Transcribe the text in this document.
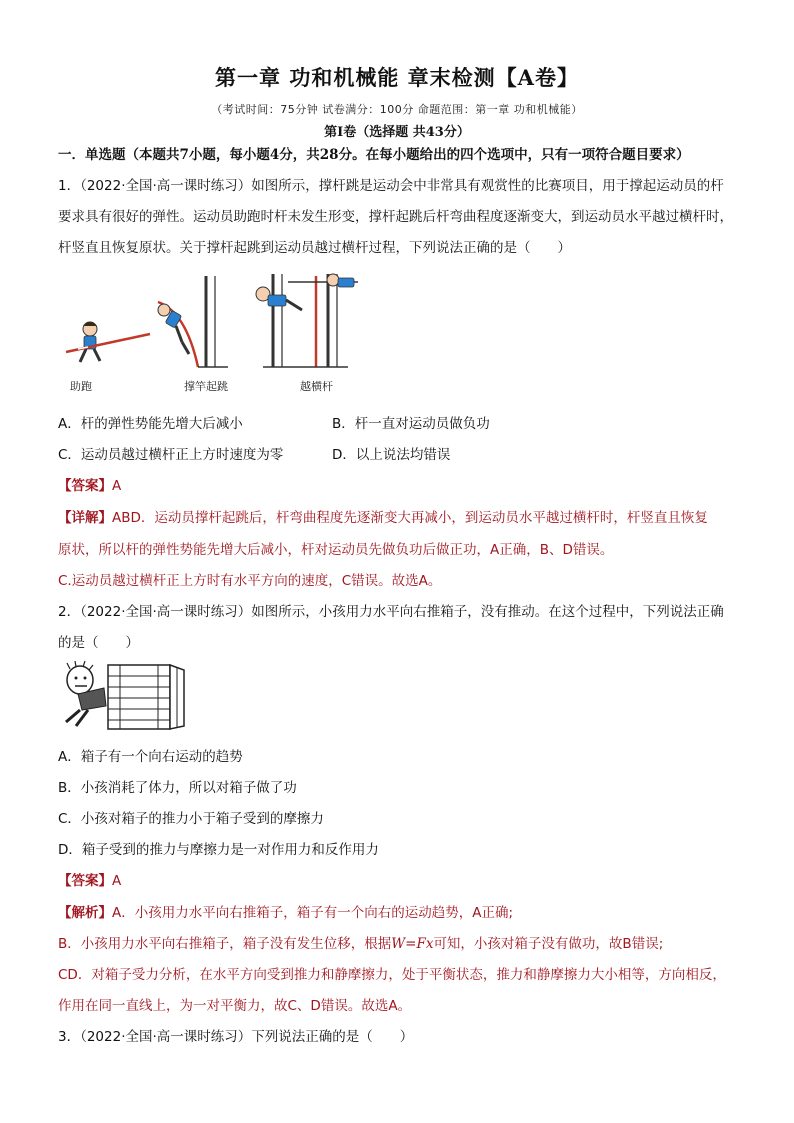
第一章 功和机械能 章末检测【A卷】
（考试时间：75分钟 试卷满分：100分 命题范围：第一章 功和机械能）
第Ⅰ卷（选择题 共43分）
一．单选题（本题共7小题，每小题4分，共28分。在每小题给出的四个选项中，只有一项符合题目要求）
1．（2022·全国·高一课时练习）如图所示，撑杆跳是运动会中非常具有观赏性的比赛项目，用于撑起运动员的杆
要求具有很好的弹性。运动员助跑时杆未发生形变，撑杆起跳后杆弯曲程度逐渐变大，到运动员水平越过横杆时，
杆竖直且恢复原状。关于撑杆起跳到运动员越过横杆过程，下列说法正确的是（　　）
助跑	撑竿起跳	越横杆
A．杆的弹性势能先增大后减小	B．杆一直对运动员做负功
C．运动员越过横杆正上方时速度为零	D．以上说法均错误
【答案】A
【详解】ABD．运动员撑杆起跳后，杆弯曲程度先逐渐变大再减小，到运动员水平越过横杆时，杆竖直且恢复
原状，所以杆的弹性势能先增大后减小，杆对运动员先做负功后做正功，A正确，B、D错误。
C.运动员越过横杆正上方时有水平方向的速度，C错误。故选A。
2．（2022·全国·高一课时练习）如图所示，小孩用力水平向右推箱子，没有推动。在这个过程中，下列说法正确
的是（　　）
A．箱子有一个向右运动的趋势
B．小孩消耗了体力，所以对箱子做了功
C．小孩对箱子的推力小于箱子受到的摩擦力
D．箱子受到的推力与摩擦力是一对作用力和反作用力
【答案】A
【解析】A．小孩用力水平向右推箱子，箱子有一个向右的运动趋势，A正确;
B．小孩用力水平向右推箱子，箱子没有发生位移，根据W=Fx可知，小孩对箱子没有做功，故B错误;
CD．对箱子受力分析，在水平方向受到推力和静摩擦力，处于平衡状态，推力和静摩擦力大小相等，方向相反，
作用在同一直线上，为一对平衡力，故C、D错误。故选A。
3．（2022·全国·高一课时练习）下列说法正确的是（　　）
